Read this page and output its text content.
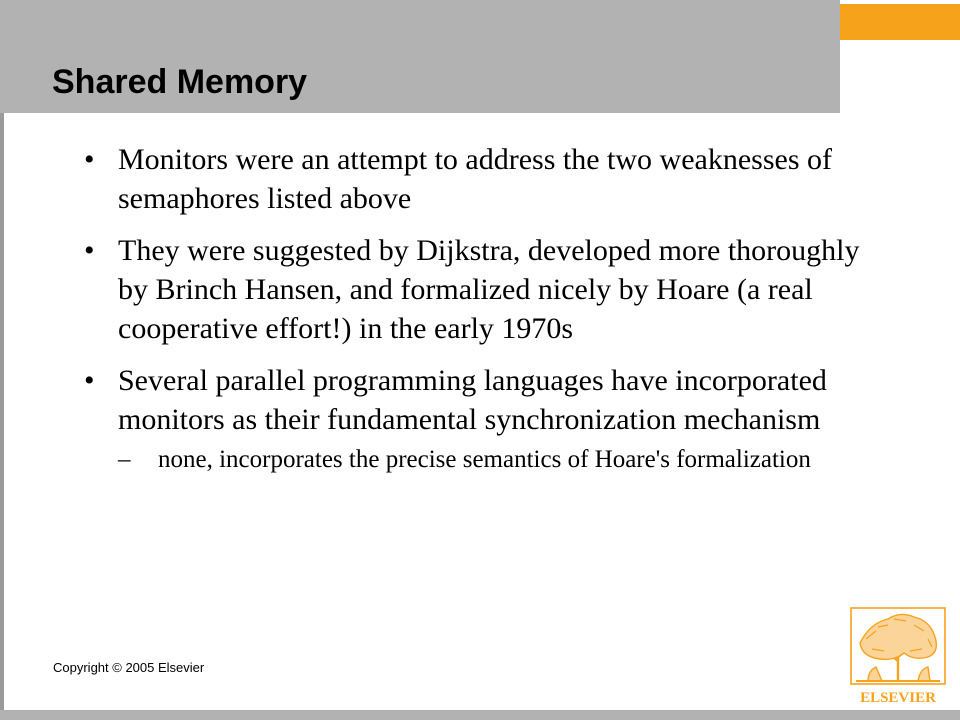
Shared Memory
• Monitors were an attempt to address the two weaknesses of semaphores listed above
• They were suggested by Dijkstra, developed more thoroughly by Brinch Hansen, and formalized nicely by Hoare (a real cooperative effort!) in the early 1970s
• Several parallel programming languages have incorporated monitors as their fundamental synchronization mechanism
– none, incorporates the precise semantics of Hoare's formalization
Copyright © 2005 Elsevier
ELSEVIER
